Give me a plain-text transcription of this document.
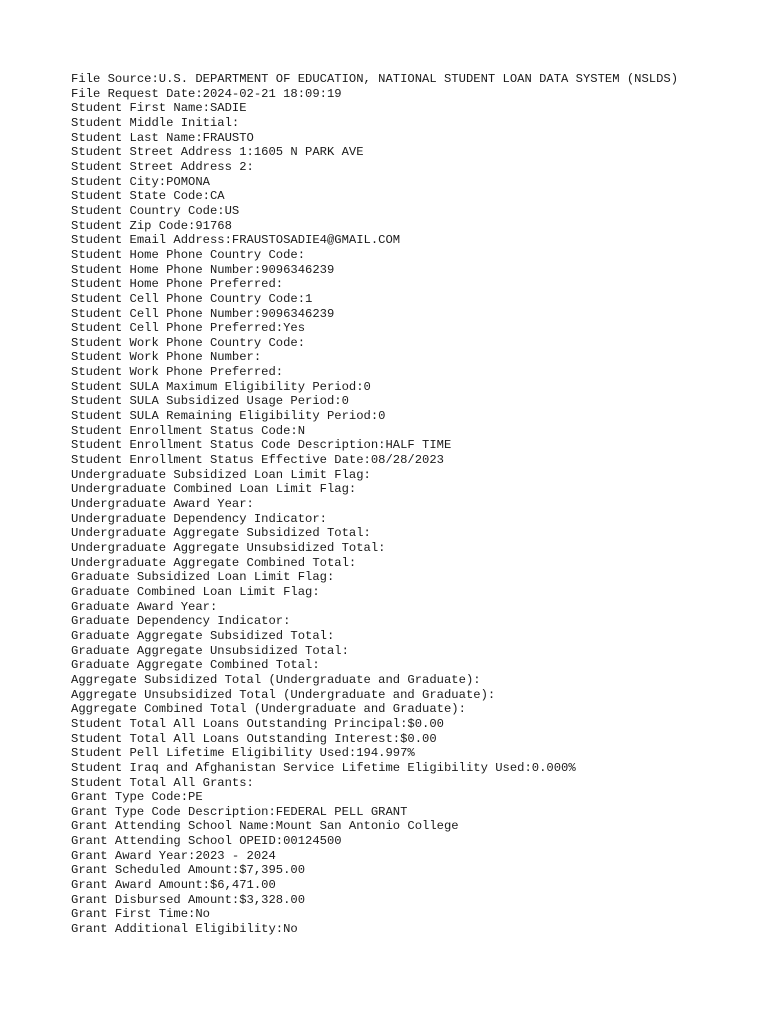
File Source:U.S. DEPARTMENT OF EDUCATION, NATIONAL STUDENT LOAN DATA SYSTEM (NSLDS)
File Request Date:2024-02-21 18:09:19
Student First Name:SADIE
Student Middle Initial:
Student Last Name:FRAUSTO
Student Street Address 1:1605 N PARK AVE
Student Street Address 2:
Student City:POMONA
Student State Code:CA
Student Country Code:US
Student Zip Code:91768
Student Email Address:FRAUSTOSADIE4@GMAIL.COM
Student Home Phone Country Code:
Student Home Phone Number:9096346239
Student Home Phone Preferred:
Student Cell Phone Country Code:1
Student Cell Phone Number:9096346239
Student Cell Phone Preferred:Yes
Student Work Phone Country Code:
Student Work Phone Number:
Student Work Phone Preferred:
Student SULA Maximum Eligibility Period:0
Student SULA Subsidized Usage Period:0
Student SULA Remaining Eligibility Period:0
Student Enrollment Status Code:N
Student Enrollment Status Code Description:HALF TIME
Student Enrollment Status Effective Date:08/28/2023
Undergraduate Subsidized Loan Limit Flag:
Undergraduate Combined Loan Limit Flag:
Undergraduate Award Year:
Undergraduate Dependency Indicator:
Undergraduate Aggregate Subsidized Total:
Undergraduate Aggregate Unsubsidized Total:
Undergraduate Aggregate Combined Total:
Graduate Subsidized Loan Limit Flag:
Graduate Combined Loan Limit Flag:
Graduate Award Year:
Graduate Dependency Indicator:
Graduate Aggregate Subsidized Total:
Graduate Aggregate Unsubsidized Total:
Graduate Aggregate Combined Total:
Aggregate Subsidized Total (Undergraduate and Graduate):
Aggregate Unsubsidized Total (Undergraduate and Graduate):
Aggregate Combined Total (Undergraduate and Graduate):
Student Total All Loans Outstanding Principal:$0.00
Student Total All Loans Outstanding Interest:$0.00
Student Pell Lifetime Eligibility Used:194.997%
Student Iraq and Afghanistan Service Lifetime Eligibility Used:0.000%
Student Total All Grants:
Grant Type Code:PE
Grant Type Code Description:FEDERAL PELL GRANT
Grant Attending School Name:Mount San Antonio College
Grant Attending School OPEID:00124500
Grant Award Year:2023 - 2024
Grant Scheduled Amount:$7,395.00
Grant Award Amount:$6,471.00
Grant Disbursed Amount:$3,328.00
Grant First Time:No
Grant Additional Eligibility:No
